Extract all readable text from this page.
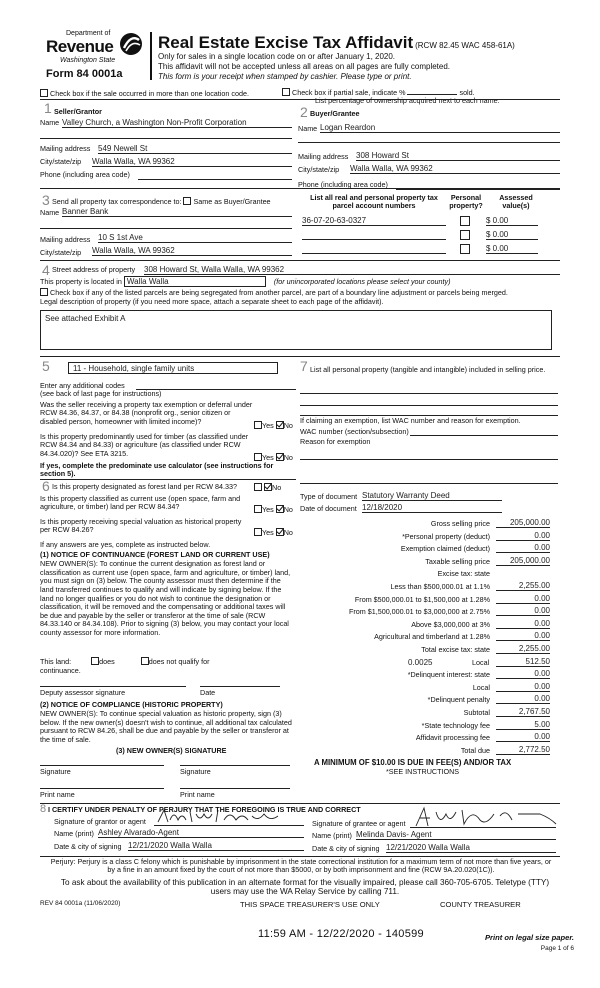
Department of
Revenue
Washington State
Form 84 0001a
Real Estate Excise Tax Affidavit (RCW 82.45 WAC 458-61A)
Only for sales in a single location code on or after January 1, 2020.
This affidavit will not be accepted unless all areas on all pages are fully completed.
This form is your receipt when stamped by cashier. Please type or print.
Check box if the sale occurred in more than one location code.	Check box if partial sale, indicate %	sold.
List percentage of ownership acquired next to each name.
1 Seller/Grantor
Name Valley Church, a Washington Non-Profit Corporation
Mailing address 549 Newell St
City/state/zip Walla Walla, WA 99362
Phone (including area code)
2 Buyer/Grantee
Name Logan Reardon
Mailing address 308 Howard St
City/state/zip Walla Walla, WA 99362
Phone (including area code)
3 Send all property tax correspondence to: Same as Buyer/Grantee
Name Banner Bank
Mailing address 10 S 1st Ave
City/state/zip Walla Walla, WA 99362
List all real and personal property tax parcel account numbers
Personal property?
Assessed value(s)
36-07-20-63-0327	$ 0.00
$ 0.00
$ 0.00
4 Street address of property 308 Howard St, Walla Walla, WA 99362
This property is located in Walla Walla	(for unincorporated locations please select your county)
Check box if any of the listed parcels are being segregated from another parcel, are part of a boundary line adjustment or parcels being merged.
Legal description of property (if you need more space, attach a separate sheet to each page of the affidavit).
See attached Exhibit A
5	11 - Household, single family units
Enter any additional codes
(see back of last page for instructions)
Was the seller receiving a property tax exemption or deferral under RCW 84.36, 84.37, or 84.38 (nonprofit org., senior citizen or disabled person, homeowner with limited income)?	Yes No
Is this property predominantly used for timber (as classified under RCW 84.34 and 84.33) or agriculture (as classified under RCW 84.34.020)? See ETA 3215.	Yes No
If yes, complete the predominate use calculator (see instructions for section 5).
6 Is this property designated as forest land per RCW 84.33?	No
Is this property classified as current use (open space, farm and agriculture, or timber) land per RCW 84.34?	Yes No
Is this property receiving special valuation as historical property per RCW 84.26?	Yes No
If any answers are yes, complete as instructed below.
(1) NOTICE OF CONTINUANCE (FOREST LAND OR CURRENT USE)
NEW OWNER(S): To continue the current designation as forest land or classification as current use (open space, farm and agriculture, or timber) land, you must sign on (3) below. The county assessor must then determine if the land transferred continues to qualify and will indicate by signing below. If the land no longer qualifies or you do not wish to continue the designation or classification, it will be removed and the compensating or additional taxes will be due and payable by the seller or transferor at the time of sale (RCW 84.33.140 or 84.34.108). Prior to signing (3) below, you may contact your local county assessor for more information.
This land:	does	does not qualify for
continuance.
Deputy assessor signature	Date
(2) NOTICE OF COMPLIANCE (HISTORIC PROPERTY)
NEW OWNER(S): To continue special valuation as historic property, sign (3) below. If the new owner(s) doesn't wish to continue, all additional tax calculated pursuant to RCW 84.26, shall be due and payable by the seller or transferor at the time of sale.
(3) NEW OWNER(S) SIGNATURE
Signature	Signature
Print name	Print name
7 List all personal property (tangible and intangible) included in selling price.
If claiming an exemption, list WAC number and reason for exemption.
WAC number (section/subsection)
Reason for exemption
Type of document Statutory Warranty Deed
Date of document 12/18/2020
Gross selling price	205,000.00
*Personal property (deduct)	0.00
Exemption claimed (deduct)	0.00
Taxable selling price	205,000.00
Excise tax: state
Less than $500,000.01 at 1.1%	2,255.00
From $500,000.01 to $1,500,000 at 1.28%	0.00
From $1,500,000.01 to $3,000,000 at 2.75%	0.00
Above $3,000,000 at 3%	0.00
Agricultural and timberland at 1.28%	0.00
Total excise tax: state	2,255.00
0.0025	Local	512.50
*Delinquent interest: state	0.00
Local	0.00
*Delinquent penalty	0.00
Subtotal	2,767.50
*State technology fee	5.00
Affidavit processing fee	0.00
Total due	2,772.50
A MINIMUM OF $10.00 IS DUE IN FEE(S) AND/OR TAX
*SEE INSTRUCTIONS
8 I CERTIFY UNDER PENALTY OF PERJURY THAT THE FOREGOING IS TRUE AND CORRECT
Signature of grantor or agent
Name (print) Ashley Alvarado-Agent
Date & city of signing 12/21/2020 Walla Walla
Signature of grantee or agent
Name (print) Melinda Davis- Agent
Date & city of signing 12/21/2020 Walla Walla
Perjury: Perjury is a class C felony which is punishable by imprisonment in the state correctional institution for a maximum term of not more than five years, or by a fine in an amount fixed by the court of not more than $5000, or by both imprisonment and fine (RCW 9A.20.020(1C)).
To ask about the availability of this publication in an alternate format for the visually impaired, please call 360-705-6705. Teletype (TTY) users may use the WA Relay Service by calling 711.
REV 84 0001a (11/06/2020)	THIS SPACE TREASURER'S USE ONLY	COUNTY TREASURER
11:59 AM - 12/22/2020 - 140599	Print on legal size paper.
Page 1 of 6
